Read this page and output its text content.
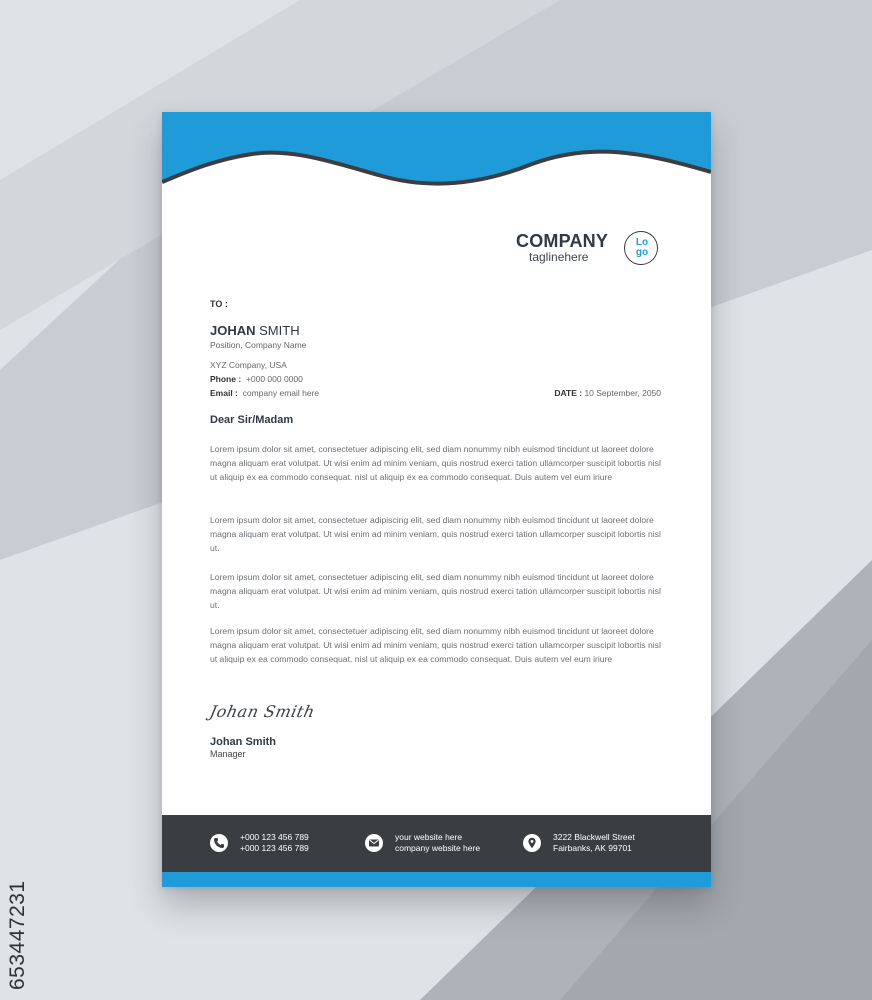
653447231
COMPANY
taglinehere
Lo
go
TO :
JOHAN SMITH
Position, Company Name
XYZ Company, USA
Phone : +000 000 0000
Email : company email here	DATE : 10 September, 2050
Dear Sir/Madam
Lorem ipsum dolor sit amet, consectetuer adipiscing elit, sed diam nonummy nibh euismod tincidunt ut laoreet dolore magna aliquam erat volutpat. Ut wisi enim ad minim veniam, quis nostrud exerci tation ullamcorper suscipit lobortis nisl ut aliquip ex ea commodo consequat. nisl ut aliquip ex ea commodo consequat. Duis autem vel eum iriure
Lorem ipsum dolor sit amet, consectetuer adipiscing elit, sed diam nonummy nibh euismod tincidunt ut laoreet dolore magna aliquam erat volutpat. Ut wisi enim ad minim veniam, quis nostrud exerci tation ullamcorper suscipit lobortis nisl ut.
Lorem ipsum dolor sit amet, consectetuer adipiscing elit, sed diam nonummy nibh euismod tincidunt ut laoreet dolore magna aliquam erat volutpat. Ut wisi enim ad minim veniam, quis nostrud exerci tation ullamcorper suscipit lobortis nisl ut.
Lorem ipsum dolor sit amet, consectetuer adipiscing elit, sed diam nonummy nibh euismod tincidunt ut laoreet dolore magna aliquam erat volutpat. Ut wisi enim ad minim veniam, quis nostrud exerci tation ullamcorper suscipit lobortis nisl ut aliquip ex ea commodo consequat. nisl ut aliquip ex ea commodo consequat. Duis autem vel eum iriure
Johan Smith
Johan Smith
Manager
+000 123 456 789
+000 123 456 789
your website here
company website here
3222 Blackwell Street
Fairbanks, AK 99701
